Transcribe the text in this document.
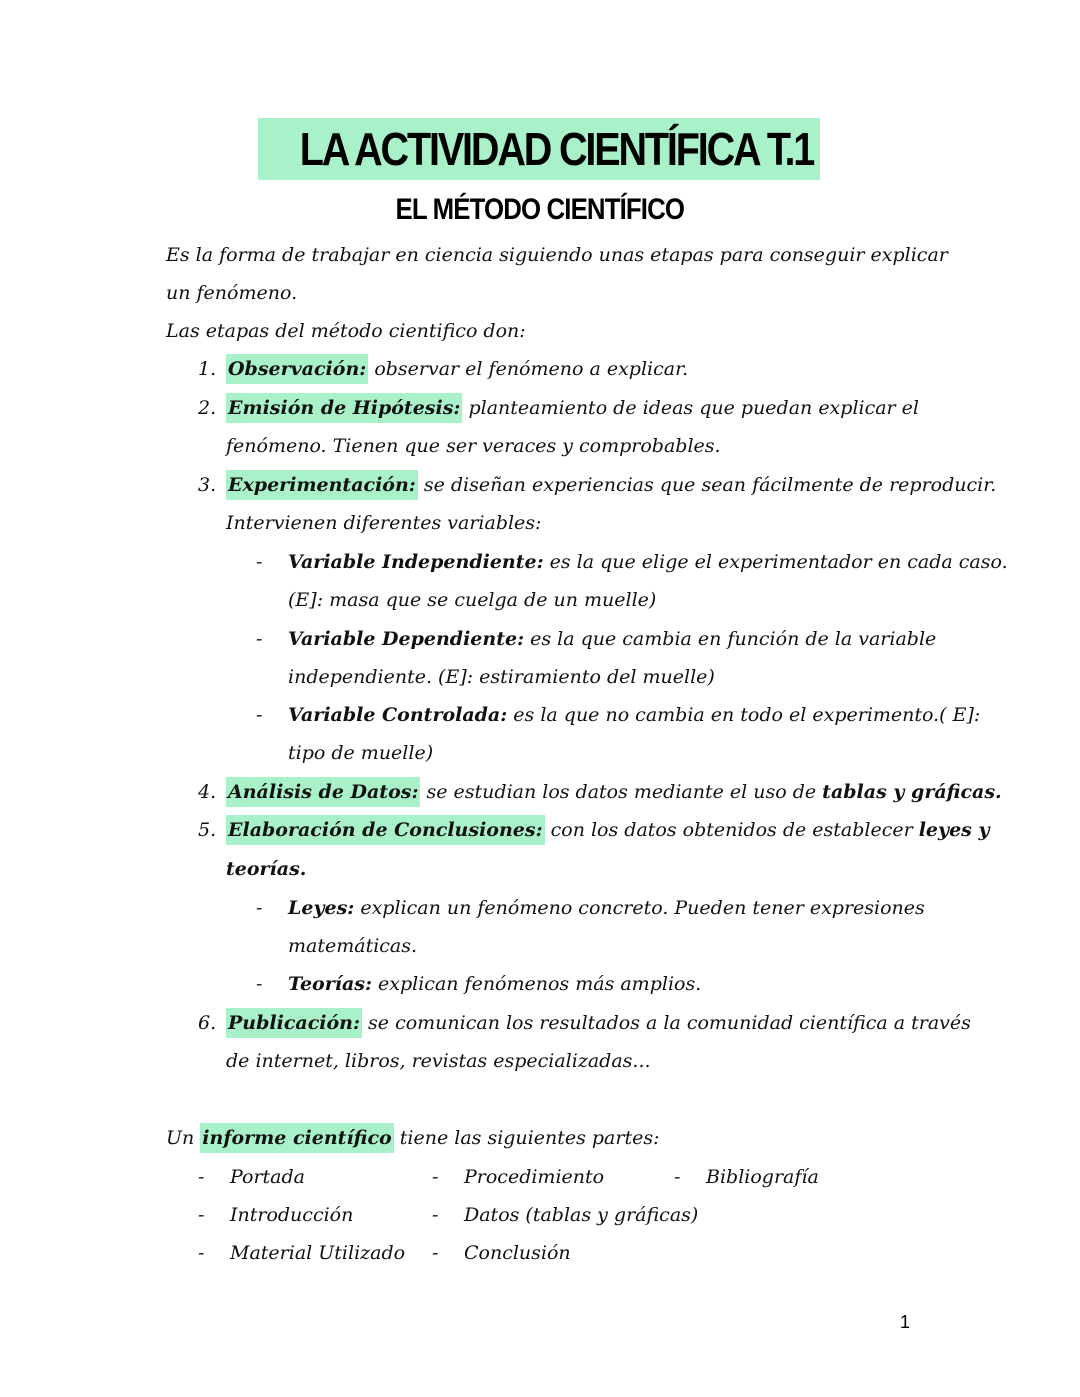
LA ACTIVIDAD CIENTÍFICA T.1
EL MÉTODO CIENTÍFICO
Es la forma de trabajar en ciencia siguiendo unas etapas para conseguir explicar
un fenómeno.
Las etapas del método cientifico don:
1. Observación: observar el fenómeno a explicar.
2. Emisión de Hipótesis: planteamiento de ideas que puedan explicar el
fenómeno. Tienen que ser veraces y comprobables.
3. Experimentación: se diseñan experiencias que sean fácilmente de reproducir.
Intervienen diferentes variables:
- Variable Independiente: es la que elige el experimentador en cada caso.
(E]: masa que se cuelga de un muelle)
- Variable Dependiente: es la que cambia en función de la variable
independiente. (E]: estiramiento del muelle)
- Variable Controlada: es la que no cambia en todo el experimento.( E]:
tipo de muelle)
4. Análisis de Datos: se estudian los datos mediante el uso de tablas y gráficas.
5. Elaboración de Conclusiones: con los datos obtenidos de establecer leyes y
teorías.
- Leyes: explican un fenómeno concreto. Pueden tener expresiones
matemáticas.
- Teorías: explican fenómenos más amplios.
6. Publicación: se comunican los resultados a la comunidad científica a través
de internet, libros, revistas especializadas...
Un informe científico tiene las siguientes partes:
- Portada
- Introducción
- Material Utilizado
- Procedimiento
- Datos (tablas y gráficas)
- Conclusión
- Bibliografía
1
